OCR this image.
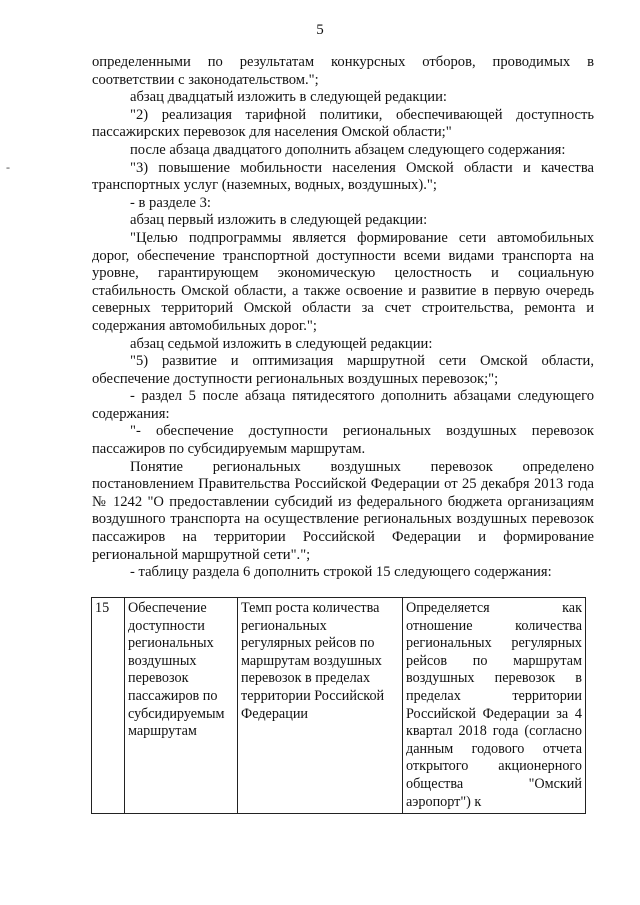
5
-

определенными по результатам конкурсных отборов, проводимых в соответствии с законодательством.";

абзац двадцатый изложить в следующей редакции:

"2) реализация тарифной политики, обеспечивающей доступность пассажирских перевозок для населения Омской области;"

после абзаца двадцатого дополнить абзацем следующего содержания:

"3) повышение мобильности населения Омской области и качества транспортных услуг (наземных, водных, воздушных).";

- в разделе 3:

абзац первый изложить в следующей редакции:

"Целью подпрограммы является формирование сети автомобильных дорог, обеспечение транспортной доступности всеми видами транспорта на уровне, гарантирующем экономическую целостность и социальную стабильность Омской области, а также освоение и развитие в первую очередь северных территорий Омской области за счет строительства, ремонта и содержания автомобильных дорог.";

абзац седьмой изложить в следующей редакции:

"5) развитие и оптимизация маршрутной сети Омской области, обеспечение доступности региональных воздушных перевозок;";

- раздел 5 после абзаца пятидесятого дополнить абзацами следующего содержания:

"- обеспечение доступности региональных воздушных перевозок пассажиров по субсидируемым маршрутам.

Понятие региональных воздушных перевозок определено постановлением Правительства Российской Федерации от 25 декабря 2013 года № 1242 "О предоставлении субсидий из федерального бюджета организациям воздушного транспорта на осуществление региональных воздушных перевозок пассажиров на территории Российской Федерации и формирование региональной маршрутной сети".";

- таблицу раздела 6 дополнить строкой 15 следующего содержания:

15	Обеспечение доступности региональных воздушных перевозок пассажиров по субсидируемым маршрутам	Темп роста количества региональных регулярных рейсов по маршрутам воздушных перевозок в пределах территории Российской Федерации	Определяется как отношение количества региональных регулярных рейсов по маршрутам воздушных перевозок в пределах территории Российской Федерации за 4 квартал 2018 года (согласно данным годового отчета открытого акционерного общества "Омский аэропорт") к
